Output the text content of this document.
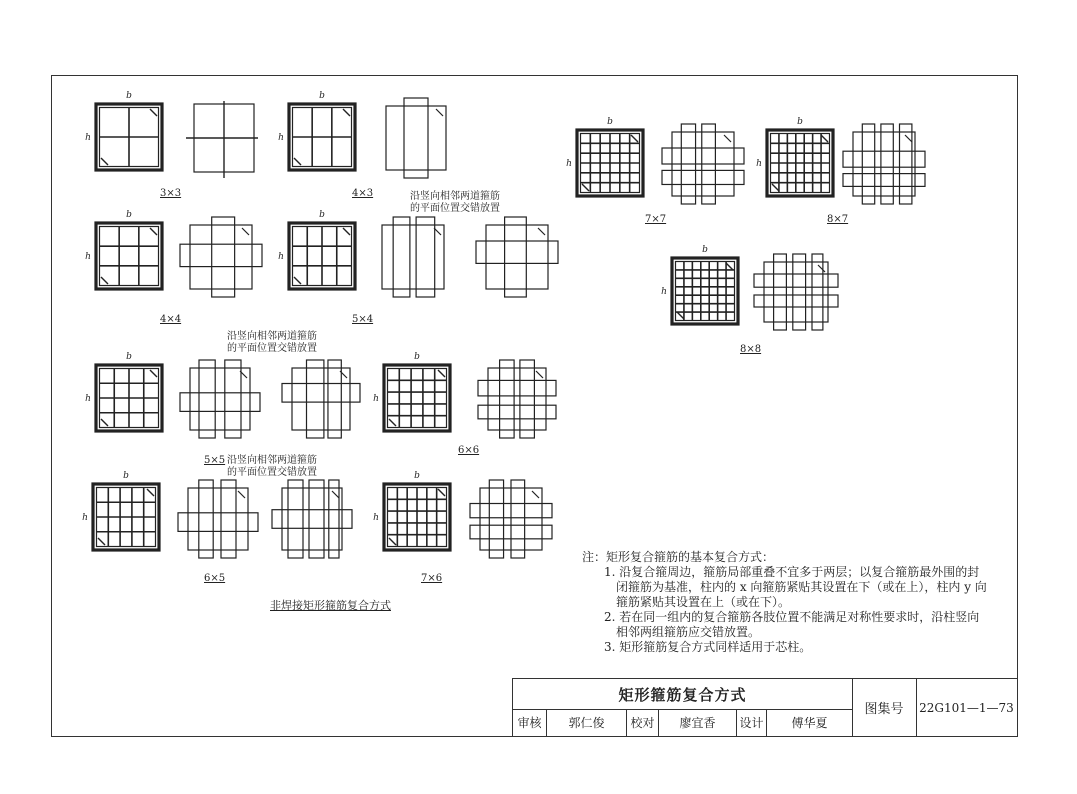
b
h
b
h
b
h
b
h
b
h
b
h
b
h
b
h
b
h
b
h
b
h
3×3	4×3
4×4	5×4
5×5
6×6
6×5	7×6
7×7	8×7
8×8
沿竖向相邻两道箍筋
的平面位置交错放置
沿竖向相邻两道箍筋
的平面位置交错放置
沿竖向相邻两道箍筋
的平面位置交错放置
非焊接矩形箍筋复合方式
注：矩形复合箍筋的基本复合方式：
1. 沿复合箍周边，箍筋局部重叠不宜多于两层；以复合箍筋最外围的封
闭箍筋为基准，柱内的 x 向箍筋紧贴其设置在下（或在上），柱内 y 向
箍筋紧贴其设置在上（或在下）。
2. 若在同一组内的复合箍筋各肢位置不能满足对称性要求时，沿柱竖向
相邻两组箍筋应交错放置。
3. 矩形箍筋复合方式同样适用于芯柱。
矩形箍筋复合方式
图集号	22G101—1—73
审核	郭仁俊	校对	廖宜香	设计	傅华夏
